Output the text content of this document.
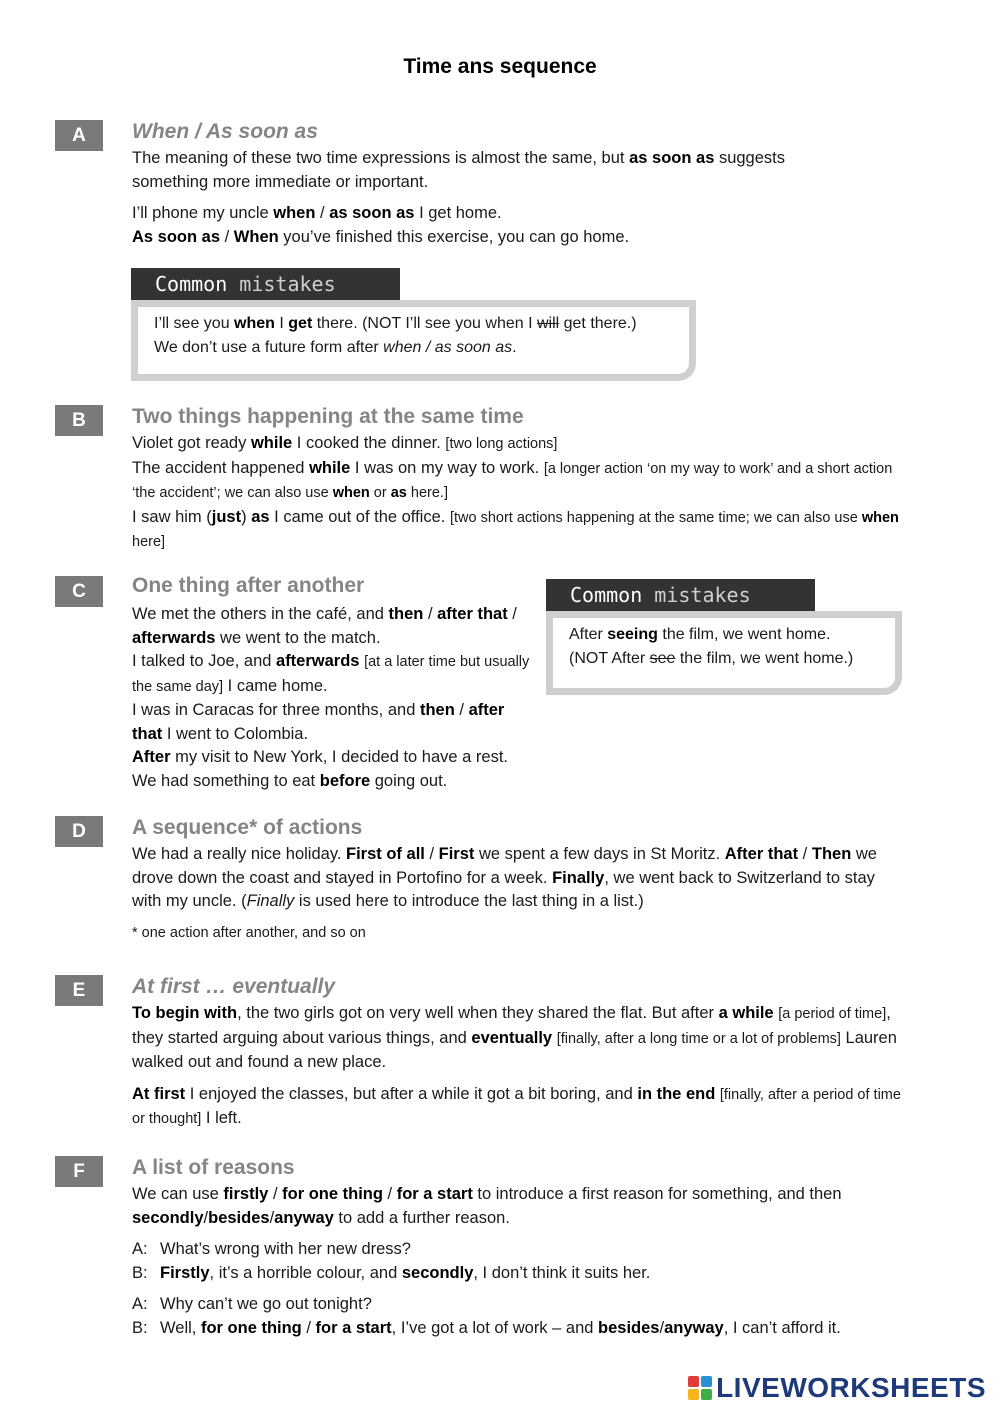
Time ans sequence
A	When / As soon as

The meaning of these two time expressions is almost the same, but as soon as suggests something more immediate or important.

I’ll phone my uncle when / as soon as I get home.

As soon as / When you’ve finished this exercise, you can go home.

Common
mistakes
I’ll see you when I get there. (NOT I’ll see you when I will get there.)
We don’t use a future form after when / as soon as.
B	Two things happening at the same time

Violet got ready while I cooked the dinner. [two long actions]

The accident happened while I was on my way to work. [a longer action ‘on my way to work’ and a short action ‘the accident’; we can also use when or as here.]

I saw him (just) as I came out of the office. [two short actions happening at the same time; we can also use when here]

C	One thing after another

We met the others in the café, and then / after that / afterwards we went to the match.

I talked to Joe, and afterwards [at a later time but usually the same day] I came home.

I was in Caracas for three months, and then / after that I went to Colombia.

After my visit to New York, I decided to have a rest.

We had something to eat before going out.

Common
mistakes
After seeing the film, we went home.
(NOT After see the film, we went home.)
D	A sequence* of actions

We had a really nice holiday. First of all / First we spent a few days in St Moritz. After that / Then we drove down the coast and stayed in Portofino for a week. Finally, we went back to Switzerland to stay with my uncle. (Finally is used here to introduce the last thing in a list.)

* one action after another, and so on

E	At first … eventually

To begin with, the two girls got on very well when they shared the flat. But after a while [a period of time], they started arguing about various things, and eventually [finally, after a long time or a lot of problems] Lauren walked out and found a new place.

At first I enjoyed the classes, but after a while it got a bit boring, and in the end [finally, after a period of time or thought] I left.

F	A list of reasons

We can use firstly / for one thing / for a start to introduce a first reason for something, and then secondly/besides/anyway to add a further reason.

A: What’s wrong with her new dress?
B: Firstly, it’s a horrible colour, and secondly, I don’t think it suits her.
A: Why can’t we go out tonight?
B: Well, for one thing / for a start, I’ve got a lot of work – and besides/anyway, I can’t afford it.
LIVEWORKSHEETS
